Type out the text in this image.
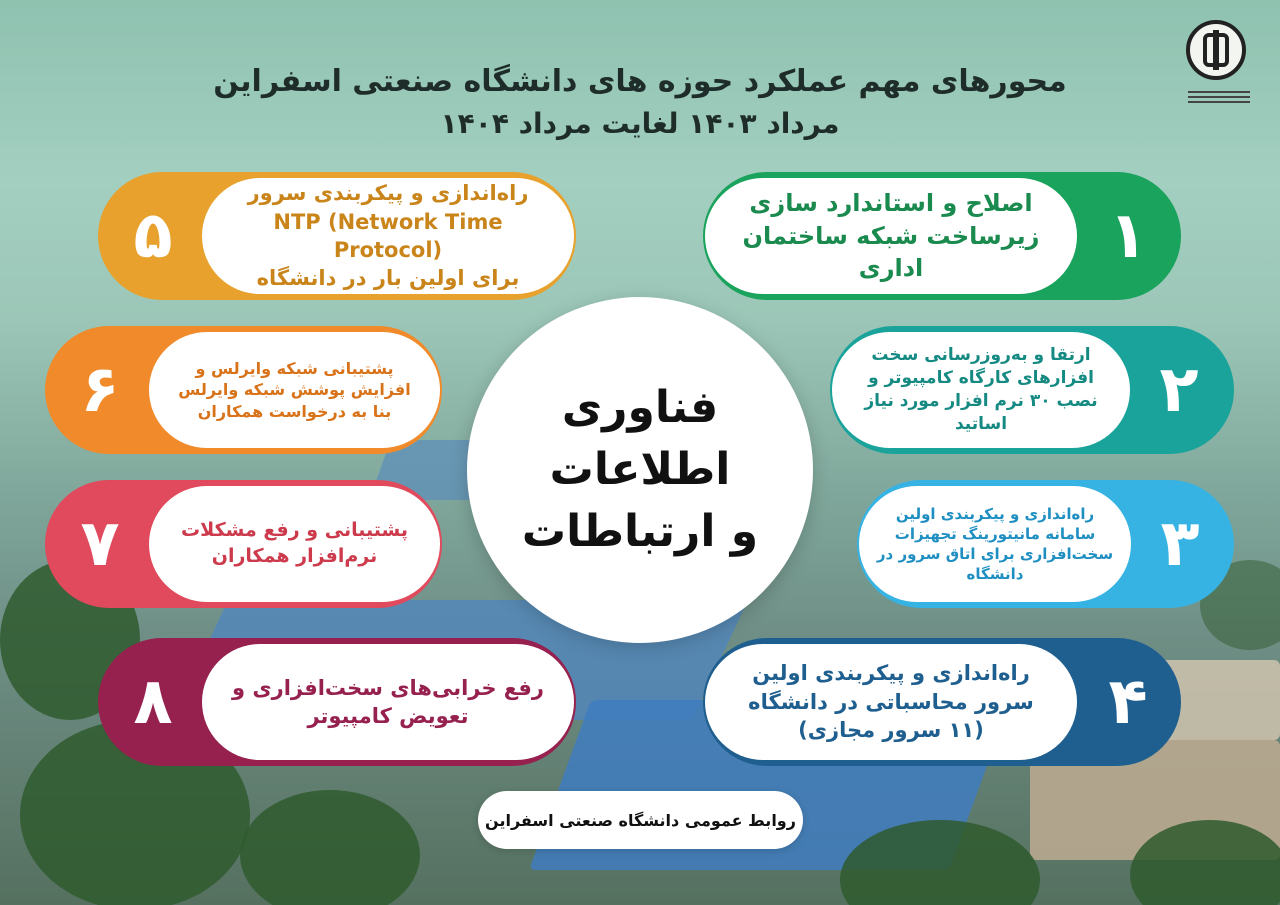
محورهای مهم عملکرد حوزه های دانشگاه صنعتی اسفراین
مرداد ۱۴۰۳ لغایت مرداد ۱۴۰۴
اصلاح و استاندارد سازی
زیرساخت شبکه ساختمان
اداری	۱
ارتقا و به‌روزرسانی سخت
افزارهای کارگاه کامپیوتر و
نصب ۳۰ نرم افزار مورد نیاز
اساتید	۲
راه‌اندازی و پیکربندی اولین
سامانه مانیتورینگ تجهیزات
سخت‌افزاری برای اتاق سرور در
دانشگاه	۳
راه‌اندازی و پیکربندی اولین
سرور محاسباتی در دانشگاه
(۱۱ سرور مجازی)	۴
۵
راه‌اندازی و پیکربندی سرور
NTP (Network Time Protocol)
برای اولین بار در دانشگاه
۶	پشتیبانی شبکه وایرلس و
افزایش پوشش شبکه وایرلس
بنا به درخواست همکاران
۷	پشتیبانی و رفع مشکلات
نرم‌افزار همکاران
۸	رفع خرابی‌های سخت‌افزاری و
تعویض کامپیوتر
فناوری اطلاعات
و ارتباطات
روابط عمومی دانشگاه صنعتی اسفراین
